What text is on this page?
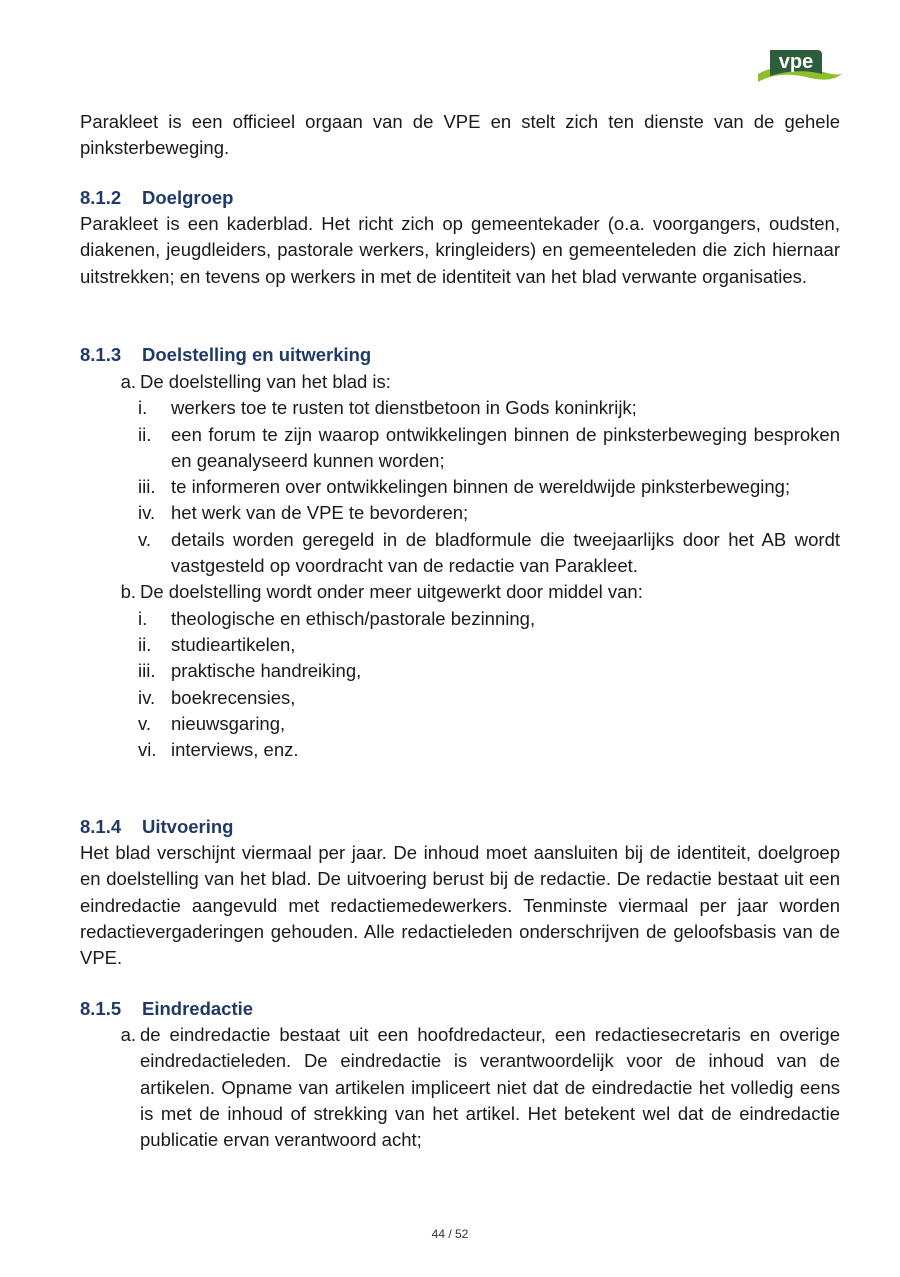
vpe

Parakleet is een officieel orgaan van de VPE en stelt zich ten dienste van de gehele pinksterbeweging.

8.1.2 Doelgroep

Parakleet is een kaderblad. Het richt zich op gemeentekader (o.a. voorgangers, oudsten, diakenen, jeugdleiders, pastorale werkers, kringleiders) en gemeenteleden die zich hiernaar uitstrekken; en tevens op werkers in met de identiteit van het blad verwante organisaties.

8.1.3 Doelstelling en uitwerking
a. De doelstelling van het blad is:
i. werkers toe te rusten tot dienstbetoon in Gods koninkrijk;
ii. een forum te zijn waarop ontwikkelingen binnen de pinksterbeweging besproken en geanalyseerd kunnen worden;
iii. te informeren over ontwikkelingen binnen de wereldwijde pinksterbeweging;
iv. het werk van de VPE te bevorderen;
v. details worden geregeld in de bladformule die tweejaarlijks door het AB wordt vastgesteld op voordracht van de redactie van Parakleet.
b. De doelstelling wordt onder meer uitgewerkt door middel van:
i. theologische en ethisch/pastorale bezinning,
ii. studieartikelen,
iii. praktische handreiking,
iv. boekrecensies,
v. nieuwsgaring,
vi. interviews, enz.
8.1.4 Uitvoering

Het blad verschijnt viermaal per jaar. De inhoud moet aansluiten bij de identiteit, doelgroep en doelstelling van het blad. De uitvoering berust bij de redactie. De redactie bestaat uit een eindredactie aangevuld met redactiemedewerkers. Tenminste viermaal per jaar worden redactievergaderingen gehouden. Alle redactieleden onderschrijven de geloofsbasis van de VPE.

8.1.5 Eindredactie
a. de eindredactie bestaat uit een hoofdredacteur, een redactiesecretaris en overige eindredactieleden. De eindredactie is verantwoordelijk voor de inhoud van de artikelen. Opname van artikelen impliceert niet dat de eindredactie het volledig eens is met de inhoud of strekking van het artikel. Het betekent wel dat de eindredactie publicatie ervan verantwoord acht;
44 / 52
